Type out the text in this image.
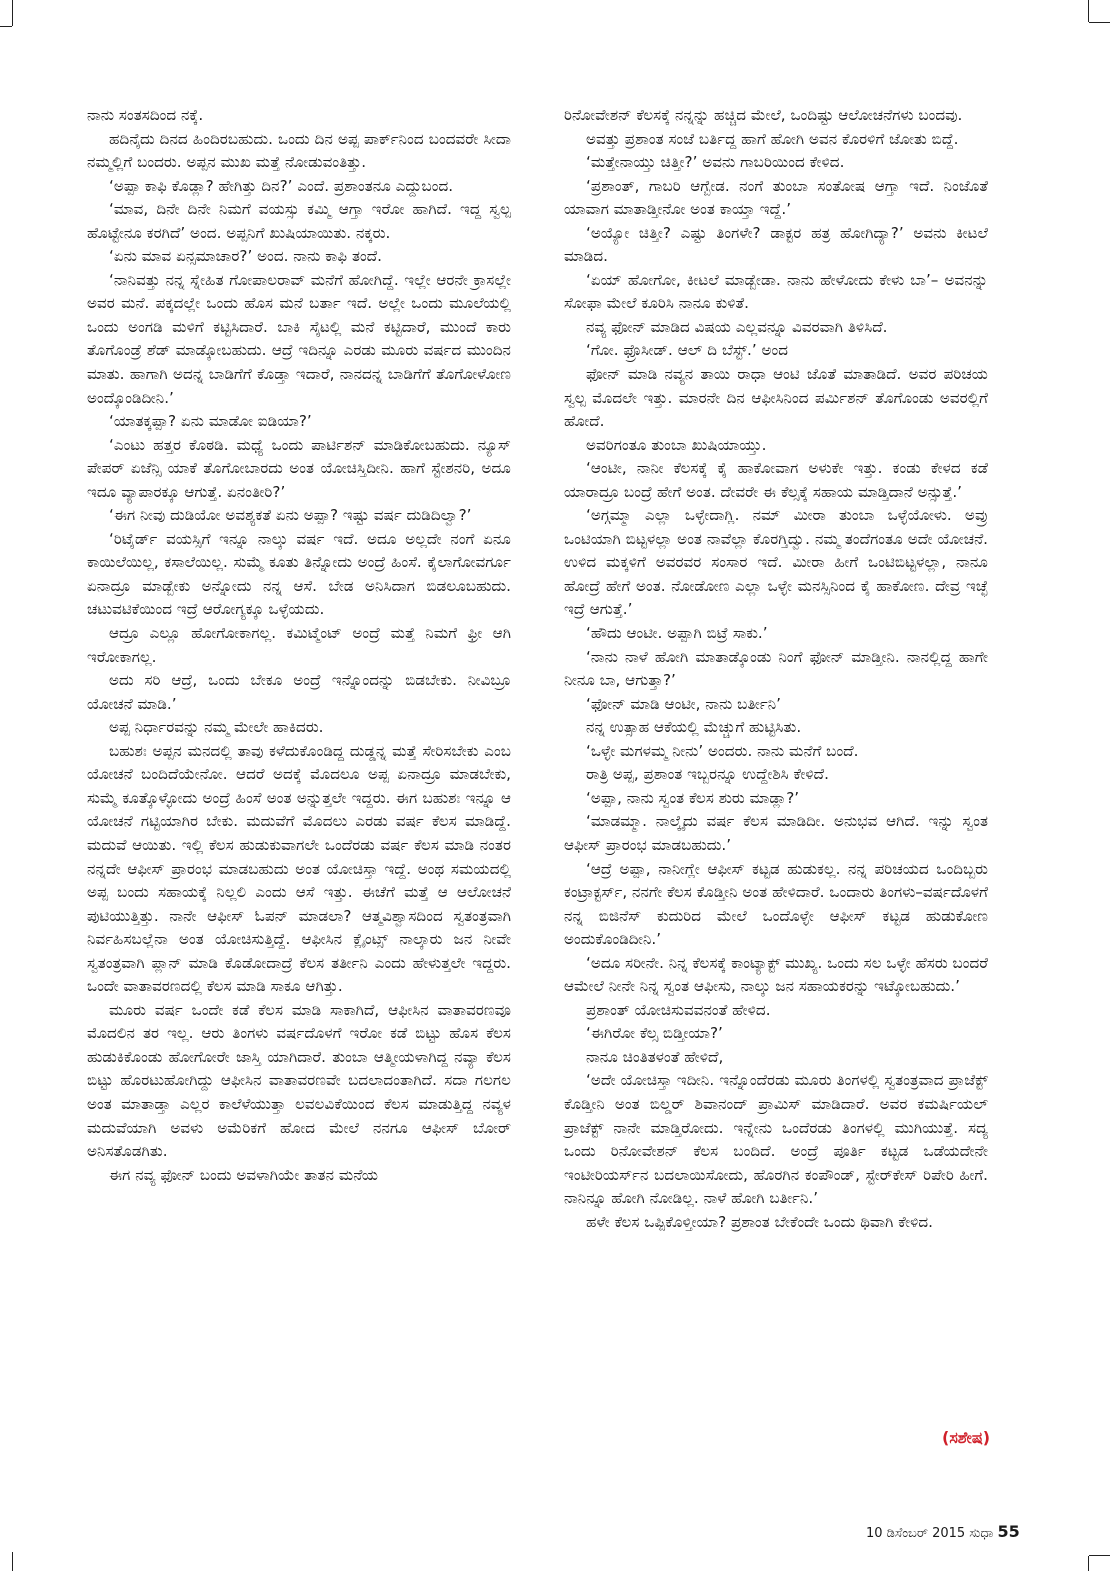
ನಾನು ಸಂತಸದಿಂದ ನಕ್ಕೆ.

ಹದಿನೈದು ದಿನದ ಹಿಂದಿರಬಹುದು. ಒಂದು ದಿನ ಅಪ್ಪ ಪಾರ್ಕ್‌ನಿಂದ ಬಂದವರೇ ಸೀದಾ ನಮ್ಮಲ್ಲಿಗೆ ಬಂದರು. ಅಪ್ಪನ ಮುಖ ಮತ್ತೆ ನೋಡುವಂತಿತ್ತು.

‘ಅಪ್ಪಾ ಕಾಫಿ ಕೊಡ್ಲಾ? ಹೇಗಿತ್ತು ದಿನ?’ ಎಂದೆ. ಪ್ರಶಾಂತನೂ ಎದ್ದುಬಂದ.

‘ಮಾವ, ದಿನೇ ದಿನೇ ನಿಮಗೆ ವಯಸ್ಸು ಕಮ್ಮಿ ಆಗ್ತಾ ಇರೋ ಹಾಗಿದೆ. ಇದ್ದ ಸ್ವಲ್ಪ ಹೊಟ್ಟೇನೂ ಕರಗಿದೆ’ ಅಂದ. ಅಪ್ಪನಿಗೆ ಖುಷಿಯಾಯಿತು. ನಕ್ಕರು.

‘ಏನು ಮಾವ ಏನ್ಸಮಾಚಾರ?’ ಅಂದ. ನಾನು ಕಾಫಿ ತಂದೆ.

‘ನಾನಿವತ್ತು ನನ್ನ ಸ್ನೇಹಿತ ಗೋಪಾಲರಾವ್ ಮನೆಗೆ ಹೋಗಿದ್ದೆ. ಇಲ್ಲೇ ಆರನೇ ಕ್ರಾಸಲ್ಲೇ ಅವರ ಮನೆ. ಪಕ್ಕದಲ್ಲೇ ಒಂದು ಹೊಸ ಮನೆ ಬರ್ತಾ ಇದೆ. ಅಲ್ಲೇ ಒಂದು ಮೂಲೆಯಲ್ಲಿ ಒಂದು ಅಂಗಡಿ ಮಳಿಗೆ ಕಟ್ಟಿಸಿದಾರೆ. ಬಾಕಿ ಸೈಟಲ್ಲಿ ಮನೆ ಕಟ್ಟಿದಾರೆ, ಮುಂದೆ ಕಾರು ತೊಗೊಂಡ್ರೆ ಶೆಡ್ ಮಾಡ್ಕೋಬಹುದು. ಆದ್ರೆ ಇದಿನ್ನೂ ಎರಡು ಮೂರು ವರ್ಷದ ಮುಂದಿನ ಮಾತು. ಹಾಗಾಗಿ ಅದನ್ನ ಬಾಡಿಗೆಗೆ ಕೊಡ್ತಾ ಇದಾರೆ, ನಾನದನ್ನ ಬಾಡಿಗೆಗೆ ತೊಗೋಳೋಣ ಅಂದ್ಕೊಂಡಿದೀನಿ.’

‘ಯಾತಕ್ಕಪ್ಪಾ? ಏನು ಮಾಡೋ ಐಡಿಯಾ?’

‘ಎಂಟು ಹತ್ತರ ಕೊಠಡಿ. ಮಧ್ಯೆ ಒಂದು ಪಾರ್ಟಿಶನ್ ಮಾಡಿಕೋಬಹುದು. ನ್ಯೂಸ್ ಪೇಪರ್ ಏಜೆನ್ಸಿ ಯಾಕೆ ತೊಗೋಬಾರದು ಅಂತ ಯೋಚಿಸ್ತಿದೀನಿ. ಹಾಗೆ ಸ್ಟೇಶನರಿ, ಅದೂ ಇದೂ ವ್ಯಾಪಾರಕ್ಕೂ ಆಗುತ್ತೆ. ಏನಂತೀರಿ?’

‘ಈಗ ನೀವು ದುಡಿಯೋ ಅವಶ್ಯಕತೆ ಏನು ಅಪ್ಪಾ? ಇಷ್ಟು ವರ್ಷ ದುಡಿದಿಲ್ವಾ?’

‘ರಿಟೈರ್ಡ್ ವಯಸ್ಸಿಗೆ ಇನ್ನೂ ನಾಲ್ಕು ವರ್ಷ ಇದೆ. ಅದೂ ಅಲ್ಲದೇ ನಂಗೆ ಏನೂ ಕಾಯಿಲೆಯಿಲ್ಲ, ಕಸಾಲೆಯಿಲ್ಲ. ಸುಮ್ಮೆ ಕೂತು ತಿನ್ನೋದು ಅಂದ್ರೆ ಹಿಂಸೆ. ಕೈಲಾಗೋವರ್ಗೂ ಏನಾದ್ರೂ ಮಾಡ್ಬೇಕು ಅನ್ನೋದು ನನ್ನ ಆಸೆ. ಬೇಡ ಅನಿಸಿದಾಗ ಬಿಡಲೂಬಹುದು. ಚಟುವಟಿಕೆಯಿಂದ ಇದ್ರೆ ಆರೋಗ್ಯಕ್ಕೂ ಒಳ್ಳೆಯದು.

ಆದ್ರೂ ಎಲ್ಲೂ ಹೋಗೋಕಾಗಲ್ಲ. ಕಮಿಟ್ಮೆಂಟ್ ಅಂದ್ರೆ ಮತ್ತೆ ನಿಮಗೆ ಫ್ರೀ ಆಗಿ ಇರೋಕಾಗಲ್ಲ.

ಅದು ಸರಿ ಆದ್ರೆ, ಒಂದು ಬೇಕೂ ಅಂದ್ರೆ ಇನ್ನೊಂದನ್ನು ಬಿಡಬೇಕು. ನೀವಿಬ್ರೂ ಯೋಚನೆ ಮಾಡಿ.’

ಅಪ್ಪ ನಿರ್ಧಾರವನ್ನು ನಮ್ಮ ಮೇಲೇ ಹಾಕಿದರು.

ಬಹುಶಃ ಅಪ್ಪನ ಮನದಲ್ಲಿ ತಾವು ಕಳೆದುಕೊಂಡಿದ್ದ ದುಡ್ಡನ್ನ ಮತ್ತೆ ಸೇರಿಸಬೇಕು ಎಂಬ ಯೋಚನೆ ಬಂದಿದೆಯೇನೋ. ಆದರೆ ಅದಕ್ಕೆ ಮೊದಲೂ ಅಪ್ಪ ಏನಾದ್ರೂ ಮಾಡಬೇಕು, ಸುಮ್ಮೆ ಕೂತ್ಕೊಳ್ಳೋದು ಅಂದ್ರೆ ಹಿಂಸೆ ಅಂತ ಅನ್ನುತ್ತಲೇ ಇದ್ದರು. ಈಗ ಬಹುಶಃ ಇನ್ನೂ ಆ ಯೋಚನೆ ಗಟ್ಟಿಯಾಗಿರ ಬೇಕು. ಮದುವೆಗೆ ಮೊದಲು ಎರಡು ವರ್ಷ ಕೆಲಸ ಮಾಡಿದ್ದೆ. ಮದುವೆ ಆಯಿತು. ಇಲ್ಲಿ ಕೆಲಸ ಹುಡುಕುವಾಗಲೇ ಒಂದೆರಡು ವರ್ಷ ಕೆಲಸ ಮಾಡಿ ನಂತರ ನನ್ನದೇ ಆಫೀಸ್ ಪ್ರಾರಂಭ ಮಾಡಬಹುದು ಅಂತ ಯೋಚಿಸ್ತಾ ಇದ್ದೆ. ಅಂಥ ಸಮಯದಲ್ಲಿ ಅಪ್ಪ ಬಂದು ಸಹಾಯಕ್ಕೆ ನಿಲ್ಲಲಿ ಎಂದು ಆಸೆ ಇತ್ತು. ಈಚೆಗೆ ಮತ್ತೆ ಆ ಆಲೋಚನೆ ಪುಟಿಯುತ್ತಿತ್ತು. ನಾನೇ ಆಫೀಸ್ ಓಪನ್ ಮಾಡಲಾ? ಆತ್ಮವಿಶ್ವಾಸದಿಂದ ಸ್ವತಂತ್ರವಾಗಿ ನಿರ್ವಹಿಸಬಲ್ಲೆನಾ ಅಂತ ಯೋಚಿಸುತ್ತಿದ್ದೆ. ಆಫೀಸಿನ ಕ್ಲೈಂಟ್ಸ್ ನಾಲ್ಕಾರು ಜನ ನೀವೇ ಸ್ವತಂತ್ರವಾಗಿ ಪ್ಲಾನ್ ಮಾಡಿ ಕೊಡೋದಾದ್ರೆ ಕೆಲಸ ತರ್ತೀನಿ ಎಂದು ಹೇಳುತ್ತಲೇ ಇದ್ದರು. ಒಂದೇ ವಾತಾವರಣದಲ್ಲಿ ಕೆಲಸ ಮಾಡಿ ಸಾಕೂ ಆಗಿತ್ತು.

ಮೂರು ವರ್ಷ ಒಂದೇ ಕಡೆ ಕೆಲಸ ಮಾಡಿ ಸಾಕಾಗಿದೆ, ಆಫೀಸಿನ ವಾತಾವರಣವೂ ಮೊದಲಿನ ತರ ಇಲ್ಲ. ಆರು ತಿಂಗಳು ವರ್ಷದೊಳಗೆ ಇರೋ ಕಡೆ ಬಿಟ್ಟು ಹೊಸ ಕೆಲಸ ಹುಡುಕಿಕೊಂಡು ಹೋಗೋರೇ ಜಾಸ್ತಿ ಯಾಗಿದಾರೆ. ತುಂಬಾ ಆತ್ಮೀಯಳಾಗಿದ್ದ ನವ್ಯಾ ಕೆಲಸ ಬಿಟ್ಟು ಹೊರಟುಹೋಗಿದ್ದು ಆಫೀಸಿನ ವಾತಾವರಣವೇ ಬದಲಾದಂತಾಗಿದೆ. ಸದಾ ಗಲಗಲ ಅಂತ ಮಾತಾಡ್ತಾ ಎಲ್ಲರ ಕಾಲೆಳೆಯುತ್ತಾ ಲವಲವಿಕೆಯಿಂದ ಕೆಲಸ ಮಾಡುತ್ತಿದ್ದ ನವ್ಯಳ ಮದುವೆಯಾಗಿ ಅವಳು ಅಮೆರಿಕಗೆ ಹೋದ ಮೇಲೆ ನನಗೂ ಆಫೀಸ್ ಬೋರ್ ಅನಿಸತೊಡಗಿತು.

ಈಗ ನವ್ಯ ಫೋನ್ ಬಂದು ಅವಳಾಗಿಯೇ ತಾತನ ಮನೆಯ

ರಿನೋವೇಶನ್ ಕೆಲಸಕ್ಕೆ ನನ್ನನ್ನು ಹಚ್ಚಿದ ಮೇಲೆ, ಒಂದಿಷ್ಟು ಆಲೋಚನೆಗಳು ಬಂದವು.

ಅವತ್ತು ಪ್ರಶಾಂತ ಸಂಜೆ ಬರ್ತಿದ್ದ ಹಾಗೆ ಹೋಗಿ ಅವನ ಕೊರಳಿಗೆ ಜೋತು ಬಿದ್ದೆ.

‘ಮತ್ತೇನಾಯ್ತು ಚಿತ್ತೀ?’ ಅವನು ಗಾಬರಿಯಿಂದ ಕೇಳಿದ.

‘ಪ್ರಶಾಂತ್, ಗಾಬರಿ ಆಗ್ಬೇಡ. ನಂಗೆ ತುಂಬಾ ಸಂತೋಷ ಆಗ್ತಾ ಇದೆ. ನಿಂಜೊತೆ ಯಾವಾಗ ಮಾತಾಡ್ತೀನೋ ಅಂತ ಕಾಯ್ತಾ ಇದ್ದೆ.’

‘ಅಯ್ಯೋ ಚಿತ್ತೀ? ಎಷ್ಟು ತಿಂಗಳೇ? ಡಾಕ್ಟರ ಹತ್ರ ಹೋಗಿದ್ಯಾ?’ ಅವನು ಕೀಟಲೆ ಮಾಡಿದ.

‘ಏಯ್ ಹೋಗೋ, ಕೀಟಲೆ ಮಾಡ್ಬೇಡಾ. ನಾನು ಹೇಳೋದು ಕೇಳು ಬಾ’– ಅವನನ್ನು ಸೋಫಾ ಮೇಲೆ ಕೂರಿಸಿ ನಾನೂ ಕುಳಿತೆ.

ನವ್ಯ ಫೋನ್ ಮಾಡಿದ ವಿಷಯ ಎಲ್ಲವನ್ನೂ ವಿವರವಾಗಿ ತಿಳಿಸಿದೆ.

‘ಗೋ. ಫ್ರೊಸೀಡ್. ಆಲ್ ದಿ ಬೆಸ್ಟ್.’ ಅಂದ

ಫೋನ್ ಮಾಡಿ ನವ್ಯನ ತಾಯಿ ರಾಧಾ ಆಂಟಿ ಜೊತೆ ಮಾತಾಡಿದೆ. ಅವರ ಪರಿಚಯ ಸ್ವಲ್ಪ ಮೊದಲೇ ಇತ್ತು. ಮಾರನೇ ದಿನ ಆಫೀಸಿನಿಂದ ಪರ್ಮಿಶನ್ ತೊಗೊಂಡು ಅವರಲ್ಲಿಗೆ ಹೋದೆ.

ಅವರಿಗಂತೂ ತುಂಬಾ ಖುಷಿಯಾಯ್ತು.

‘ಆಂಟೀ, ನಾನೀ ಕೆಲಸಕ್ಕೆ ಕೈ ಹಾಕೋವಾಗ ಅಳುಕೇ ಇತ್ತು. ಕಂಡು ಕೇಳದ ಕಡೆ ಯಾರಾದ್ರೂ ಬಂದ್ರೆ ಹೇಗೆ ಅಂತ. ದೇವರೇ ಈ ಕೆಲ್ಸಕ್ಕೆ ಸಹಾಯ ಮಾಡ್ತಿದಾನೆ ಅನ್ಸುತ್ತೆ.’

‘ಅಗ್ಗಮ್ಮಾ ಎಲ್ಲಾ ಒಳ್ಳೇದಾಗ್ಲಿ. ನಮ್ ಮೀರಾ ತುಂಬಾ ಒಳ್ಳೆಯೋಳು. ಅವ್ರು ಒಂಟಿಯಾಗಿ ಬಿಟ್ಟಳಲ್ಲಾ ಅಂತ ನಾವೆಲ್ಲಾ ಕೊರಗ್ತಿದ್ವು. ನಮ್ಮ ತಂದೆಗಂತೂ ಅದೇ ಯೋಚನೆ. ಉಳಿದ ಮಕ್ಕಳಿಗೆ ಅವರವರ ಸಂಸಾರ ಇದೆ. ಮೀರಾ ಹೀಗೆ ಒಂಟಿಬಿಟ್ಟಳಲ್ಲಾ, ನಾನೂ ಹೋದ್ರೆ ಹೇಗೆ ಅಂತ. ನೋಡೋಣ ಎಲ್ಲಾ ಒಳ್ಳೇ ಮನಸ್ಸಿನಿಂದ ಕೈ ಹಾಕೋಣ. ದೇವ್ರ ಇಚ್ಛೆ ಇದ್ರೆ ಆಗುತ್ತೆ.’

‘ಹೌದು ಆಂಟೀ. ಅಪ್ಪಾಗಿ ಬಿಟ್ರೆ ಸಾಕು.’

‘ನಾನು ನಾಳೆ ಹೋಗಿ ಮಾತಾಡ್ಕೊಂಡು ನಿಂಗೆ ಫೋನ್ ಮಾಡ್ತೀನಿ. ನಾನಲ್ಲಿದ್ದ ಹಾಗೇ ನೀನೂ ಬಾ, ಆಗುತ್ತಾ?’

‘ಫೋನ್ ಮಾಡಿ ಆಂಟೀ, ನಾನು ಬರ್ತೀನಿ’

ನನ್ನ ಉತ್ಸಾಹ ಆಕೆಯಲ್ಲಿ ಮೆಚ್ಚುಗೆ ಹುಟ್ಟಿಸಿತು.

‘ಒಳ್ಳೇ ಮಗಳಮ್ಮ ನೀನು’ ಅಂದರು. ನಾನು ಮನೆಗೆ ಬಂದೆ.

ರಾತ್ರಿ ಅಪ್ಪ, ಪ್ರಶಾಂತ ಇಬ್ಬರನ್ನೂ ಉದ್ದೇಶಿಸಿ ಕೇಳಿದೆ.

‘ಅಪ್ಪಾ, ನಾನು ಸ್ವಂತ ಕೆಲಸ ಶುರು ಮಾಡ್ಲಾ?’

‘ಮಾಡಮ್ಮಾ. ನಾಲ್ಕೈದು ವರ್ಷ ಕೆಲಸ ಮಾಡಿದೀ. ಅನುಭವ ಆಗಿದೆ. ಇನ್ನು ಸ್ವಂತ ಆಫೀಸ್ ಪ್ರಾರಂಭ ಮಾಡಬಹುದು.’

‘ಆದ್ರೆ ಅಪ್ಪಾ, ನಾನೀಗ್ಲೇ ಆಫೀಸ್ ಕಟ್ಟಡ ಹುಡುಕಲ್ಲ. ನನ್ನ ಪರಿಚಯದ ಒಂದಿಬ್ಬರು ಕಂಟ್ರಾಕ್ಟರ್ಸ್, ನನಗೇ ಕೆಲಸ ಕೊಡ್ತೀನಿ ಅಂತ ಹೇಳಿದಾರೆ. ಒಂದಾರು ತಿಂಗಳು–ವರ್ಷದೊಳಗೆ ನನ್ನ ಬಿಜಿನೆಸ್ ಕುದುರಿದ ಮೇಲೆ ಒಂದೊಳ್ಳೇ ಆಫೀಸ್ ಕಟ್ಟಡ ಹುಡುಕೋಣ ಅಂದುಕೊಂಡಿದೀನಿ.’

‘ಅದೂ ಸರೀನೇ. ನಿನ್ನ ಕೆಲಸಕ್ಕೆ ಕಾಂಟ್ಯಾಕ್ಟ್ ಮುಖ್ಯ. ಒಂದು ಸಲ ಒಳ್ಳೇ ಹೆಸರು ಬಂದರೆ ಆಮೇಲೆ ನೀನೇ ನಿನ್ನ ಸ್ವಂತ ಆಫೀಸು, ನಾಲ್ಕು ಜನ ಸಹಾಯಕರನ್ನು ಇಟ್ಕೋಬಹುದು.’

ಪ್ರಶಾಂತ್ ಯೋಚಿಸುವವನಂತೆ ಹೇಳಿದ.

‘ಈಗಿರೋ ಕೆಲ್ಸ ಬಿಡ್ತೀಯಾ?’

ನಾನೂ ಚಿಂತಿತಳಂತೆ ಹೇಳಿದೆ,

‘ಅದೇ ಯೋಚಿಸ್ತಾ ಇದೀನಿ. ಇನ್ನೊಂದೆರಡು ಮೂರು ತಿಂಗಳಲ್ಲಿ ಸ್ವತಂತ್ರವಾದ ಪ್ರಾಜೆಕ್ಟ್ ಕೊಡ್ತೀನಿ ಅಂತ ಬಿಲ್ಡರ್ ಶಿವಾನಂದ್ ಪ್ರಾಮಿಸ್ ಮಾಡಿದಾರೆ. ಅವರ ಕಮರ್ಷಿಯಲ್ ಪ್ರಾಜೆಕ್ಟ್ ನಾನೇ ಮಾಡ್ತಿರೋದು. ಇನ್ನೇನು ಒಂದೆರಡು ತಿಂಗಳಲ್ಲಿ ಮುಗಿಯುತ್ತೆ. ಸದ್ಯ ಒಂದು ರಿನೋವೇಶನ್ ಕೆಲಸ ಬಂದಿದೆ. ಅಂದ್ರೆ ಪೂರ್ತಿ ಕಟ್ಟಡ ಒಡೆಯದೇನೇ ಇಂಟೀರಿಯರ್ಸ್‌ನ ಬದಲಾಯಿಸೋದು, ಹೊರಗಿನ ಕಂಪೌಂಡ್, ಸ್ಟೇರ್‌ಕೇಸ್ ರಿಪೇರಿ ಹೀಗೆ. ನಾನಿನ್ನೂ ಹೋಗಿ ನೋಡಿಲ್ಲ. ನಾಳೆ ಹೋಗಿ ಬರ್ತೀನಿ.’

ಹಳೇ ಕೆಲಸ ಒಪ್ಪಿಕೊಳ್ತೀಯಾ? ಪ್ರಶಾಂತ ಬೇಕೆಂದೇ ಒಂದು ಥಿವಾಗಿ ಕೇಳಿದ.

(ಸಶೇಷ)
10 ಡಿಸೆಂಬರ್ 2015 ಸುಧಾ 55
